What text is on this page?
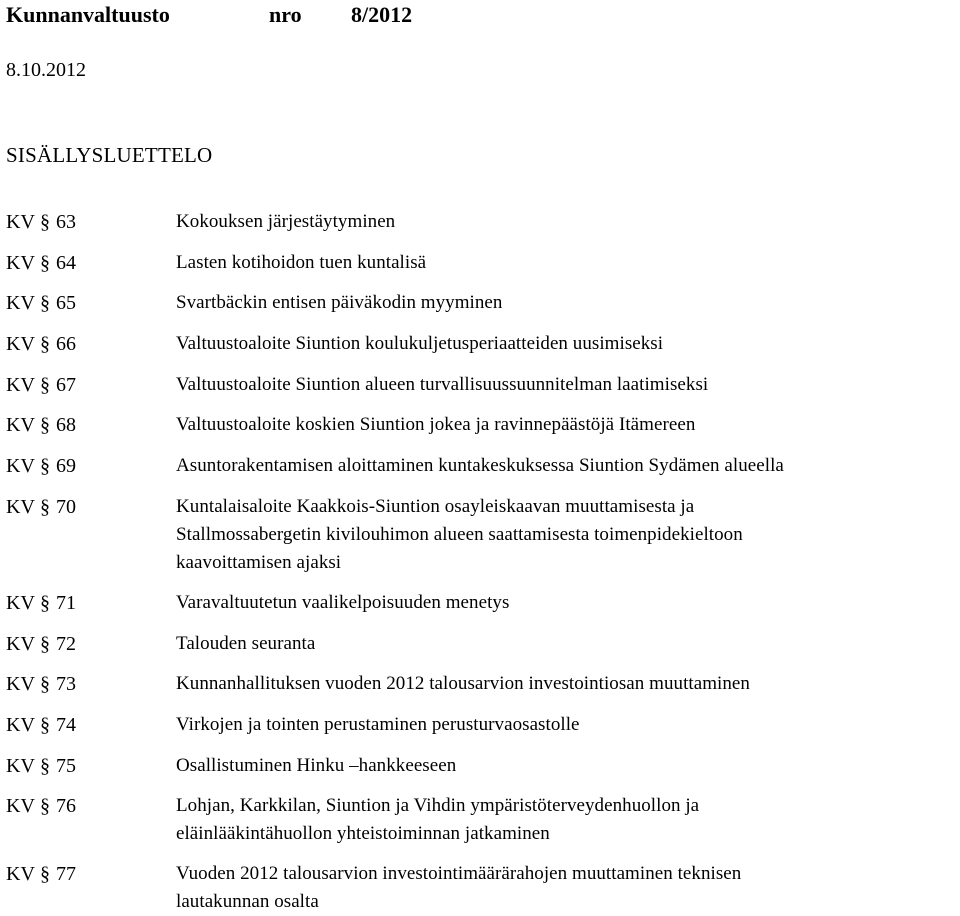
Kunnanvaltuusto	nro 8/2012
8.10.2012
SISÄLLYSLUETTELO
KV §63	Kokouksen järjestäytyminen
KV §64	Lasten kotihoidon tuen kuntalisä
KV §65	Svartbäckin entisen päiväkodin myyminen
KV §66	Valtuustoaloite Siuntion koulukuljetusperiaatteiden uusimiseksi
KV §67	Valtuustoaloite Siuntion alueen turvallisuussuunnitelman laatimiseksi
KV §68	Valtuustoaloite koskien Siuntion jokea ja ravinnepäästöjä Itämereen
KV §69	Asuntorakentamisen aloittaminen kuntakeskuksessa Siuntion Sydämen alueella
KV §70	Kuntalaisaloite Kaakkois-Siuntion osayleiskaavan muuttamisesta ja
Stallmossabergetin kivilouhimon alueen saattamisesta toimenpidekieltoon
kaavoittamisen ajaksi
KV §71	Varavaltuutetun vaalikelpoisuuden menetys
KV §72	Talouden seuranta
KV §73	Kunnanhallituksen vuoden 2012 talousarvion investointiosan muuttaminen
KV §74	Virkojen ja tointen perustaminen perusturvaosastolle
KV §75	Osallistuminen Hinku –hankkeeseen
KV §76	Lohjan, Karkkilan, Siuntion ja Vihdin ympäristöterveydenhuollon ja
eläinlääkintähuollon yhteistoiminnan jatkaminen
KV §77	Vuoden 2012 talousarvion investointimäärärahojen muuttaminen teknisen
lautakunnan osalta
